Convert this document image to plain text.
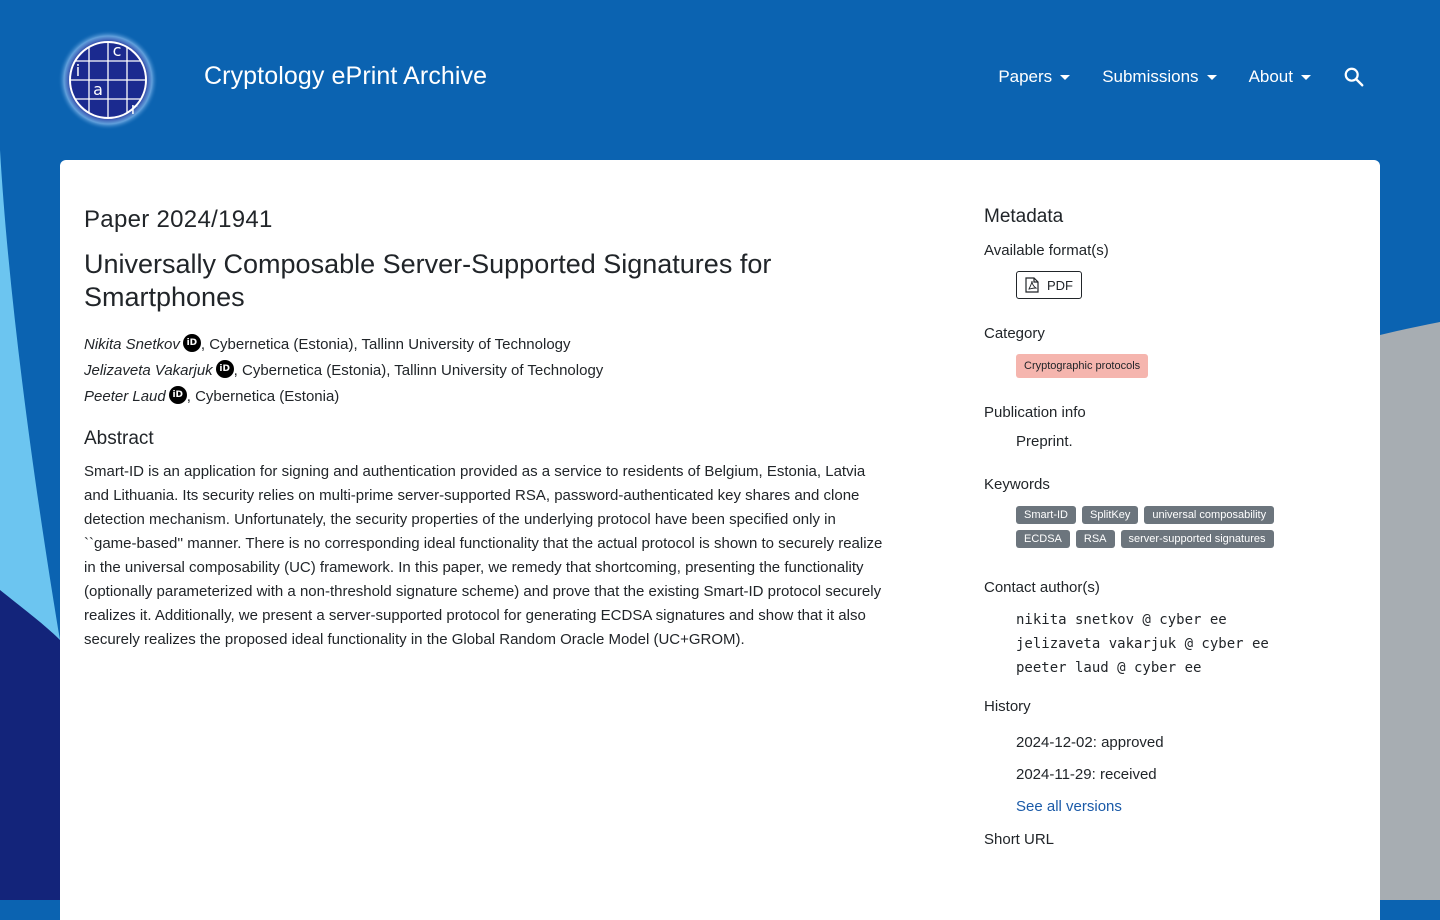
c
i
a
r
Cryptology ePrint Archive	Papers	Submissions	About
Paper 2024/1941
Universally Composable Server-Supported Signatures for Smartphones
Nikita Snetkov iD , Cybernetica (Estonia), Tallinn University of Technology
Jelizaveta Vakarjuk iD , Cybernetica (Estonia), Tallinn University of Technology
Peeter Laud iD , Cybernetica (Estonia)
Abstract

Smart-ID is an application for signing and authentication provided as a service to residents of Belgium, Estonia, Latvia and Lithuania. Its security relies on multi-prime server-supported RSA, password-authenticated key shares and clone detection mechanism. Unfortunately, the security properties of the underlying protocol have been specified only in ``game-based'' manner. There is no corresponding ideal functionality that the actual protocol is shown to securely realize in the universal composability (UC) framework. In this paper, we remedy that shortcoming, presenting the functionality (optionally parameterized with a non-threshold signature scheme) and prove that the existing Smart-ID protocol securely realizes it. Additionally, we present a server-supported protocol for generating ECDSA signatures and show that it also securely realizes the proposed ideal functionality in the Global Random Oracle Model (UC+GROM).

Metadata
Available format(s)
PDF
Category
Cryptographic protocols
Publication info
Preprint.
Keywords
Smart-ID SplitKey universal composabilityECDSA RSA server-supported signatures
Contact author(s)
nikita snetkov @ cyber ee
jelizaveta vakarjuk @ cyber ee
peeter laud @ cyber ee
History
2024-12-02: approved
2024-11-29: received
See all versions
Short URL
